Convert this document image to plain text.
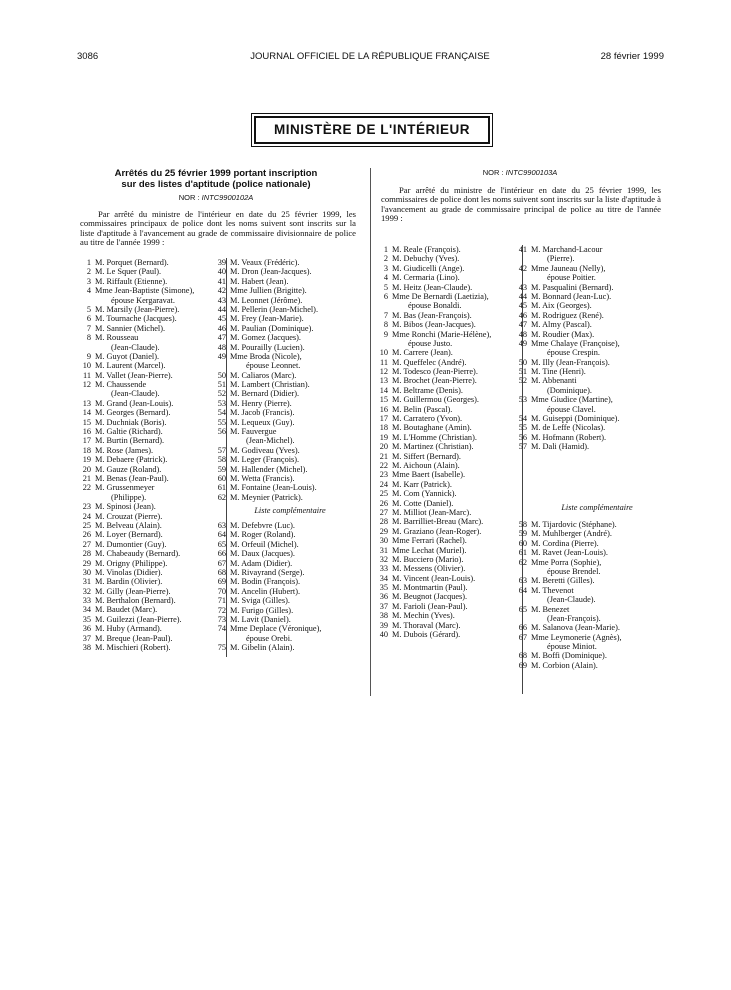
3086	JOURNAL OFFICIEL DE LA RÉPUBLIQUE FRANÇAISE	28 février 1999
MINISTÈRE DE L'INTÉRIEUR
Arrêtés du 25 février 1999 portant inscription
sur des listes d'aptitude (police nationale)
NOR : INTC9900102A

Par arrêté du ministre de l'intérieur en date du 25 février 1999, les commissaires principaux de police dont les noms suivent sont inscrits sur la liste d'aptitude à l'avancement au grade de commissaire divisionnaire de police au titre de l'année 1999 :

1 M. Porquet (Bernard).
2 M. Le Squer (Paul).
3 M. Riffault (Etienne).
4 Mme Jean-Baptiste (Simone),
épouse Kergaravat.
5 M. Marsily (Jean-Pierre).
6 M. Tournache (Jacques).
7 M. Sannier (Michel).
8 M. Rousseau
(Jean-Claude).
9 M. Guyot (Daniel).
10 M. Laurent (Marcel).
11 M. Vallet (Jean-Pierre).
12 M. Chaussende
(Jean-Claude).
13 M. Grand (Jean-Louis).
14 M. Georges (Bernard).
15 M. Duchniak (Boris).
16 M. Galtie (Richard).
17 M. Burtin (Bernard).
18 M. Rose (James).
19 M. Debaere (Patrick).
20 M. Gauze (Roland).
21 M. Benas (Jean-Paul).
22 M. Grussenmeyer
(Philippe).
23 M. Spinosi (Jean).
24 M. Crouzat (Pierre).
25 M. Belveau (Alain).
26 M. Loyer (Bernard).
27 M. Dumontier (Guy).
28 M. Chabeaudy (Bernard).
29 M. Origny (Philippe).
30 M. Vinolas (Didier).
31 M. Bardin (Olivier).
32 M. Gilly (Jean-Pierre).
33 M. Berthalon (Bernard).
34 M. Baudet (Marc).
35 M. Guilezzi (Jean-Pierre).
36 M. Huby (Armand).
37 M. Breque (Jean-Paul).
38 M. Mischieri (Robert).
39 M. Veaux (Frédéric).
40 M. Dron (Jean-Jacques).
41 M. Habert (Jean).
42 Mme Jullien (Brigitte).
43 M. Leonnet (Jérôme).
44 M. Pellerin (Jean-Michel).
45 M. Frey (Jean-Marie).
46 M. Paulian (Dominique).
47 M. Gomez (Jacques).
48 M. Pourailly (Lucien).
49 Mme Broda (Nicole),
épouse Leonnet.
50 M. Caliaros (Marc).
51 M. Lambert (Christian).
52 M. Bernard (Didier).
53 M. Henry (Pierre).
54 M. Jacob (Francis).
55 M. Lequeux (Guy).
56 M. Fauvergue
(Jean-Michel).
57 M. Godiveau (Yves).
58 M. Leger (François).
59 M. Hallender (Michel).
60 M. Wetta (Francis).
61 M. Fontaine (Jean-Louis).
62 M. Meynier (Patrick).
Liste complémentaire
63 M. Defebvre (Luc).
64 M. Roger (Roland).
65 M. Orfeuil (Michel).
66 M. Daux (Jacques).
67 M. Adam (Didier).
68 M. Rivayrand (Serge).
69 M. Bodin (François).
70 M. Ancelin (Hubert).
71 M. Sviga (Gilles).
72 M. Furigo (Gilles).
73 M. Lavit (Daniel).
74 Mme Deplace (Véronique),
épouse Orebi.
75 M. Gibelin (Alain).
NOR : INTC9900103A

Par arrêté du ministre de l'intérieur en date du 25 février 1999, les commissaires de police dont les noms suivent sont inscrits sur la liste d'aptitude à l'avancement au grade de commissaire principal de police au titre de l'année 1999 :

1 M. Reale (François).
2 M. Debuchy (Yves).
3 M. Giudicelli (Ange).
4 M. Cermaria (Lino).
5 M. Heitz (Jean-Claude).
6 Mme De Bernardi (Laetizia),
épouse Bonaldi.
7 M. Bas (Jean-François).
8 M. Bibos (Jean-Jacques).
9 Mme Ronchi (Marie-Hélène),
épouse Justo.
10 M. Carrere (Jean).
11 M. Queffelec (André).
12 M. Todesco (Jean-Pierre).
13 M. Brochet (Jean-Pierre).
14 M. Beltrame (Denis).
15 M. Guillermou (Georges).
16 M. Belin (Pascal).
17 M. Carratero (Yvon).
18 M. Boutaghane (Amin).
19 M. L'Homme (Christian).
20 M. Martinez (Christian).
21 M. Siffert (Bernard).
22 M. Aichoun (Alain).
23 Mme Baert (Isabelle).
24 M. Karr (Patrick).
25 M. Com (Yannick).
26 M. Cotte (Daniel).
27 M. Milliot (Jean-Marc).
28 M. Barrilliet-Breau (Marc).
29 M. Graziano (Jean-Roger).
30 Mme Ferrari (Rachel).
31 Mme Lechat (Muriel).
32 M. Bucciero (Mario).
33 M. Messens (Olivier).
34 M. Vincent (Jean-Louis).
35 M. Montmartin (Paul).
36 M. Beugnot (Jacques).
37 M. Farioli (Jean-Paul).
38 M. Mechin (Yves).
39 M. Thoraval (Marc).
40 M. Dubois (Gérard).
41 M. Marchand-Lacour
(Pierre).
42 Mme Jauneau (Nelly),
épouse Poitier.
43 M. Pasqualini (Bernard).
44 M. Bonnard (Jean-Luc).
45 M. Aix (Georges).
46 M. Rodriguez (René).
47 M. Almy (Pascal).
48 M. Roudier (Max).
49 Mme Chalaye (Françoise),
épouse Crespin.
50 M. Illy (Jean-François).
51 M. Tine (Henri).
52 M. Abbenanti
(Dominique).
53 Mme Giudice (Martine),
épouse Clavel.
54 M. Guiseppi (Dominique).
55 M. de Leffe (Nicolas).
56 M. Hofmann (Robert).
57 M. Dali (Hamid).
Liste complémentaire
58 M. Tijardovic (Stéphane).
59 M. Muhlberger (André).
60 M. Cordina (Pierre).
61 M. Ravet (Jean-Louis).
62 Mme Porra (Sophie),
épouse Brendel.
63 M. Beretti (Gilles).
64 M. Thevenot
(Jean-Claude).
65 M. Benezet
(Jean-François).
66 M. Salanova (Jean-Marie).
67 Mme Leymonerie (Agnès),
épouse Miniot.
68 M. Boffi (Dominique).
69 M. Corbion (Alain).
